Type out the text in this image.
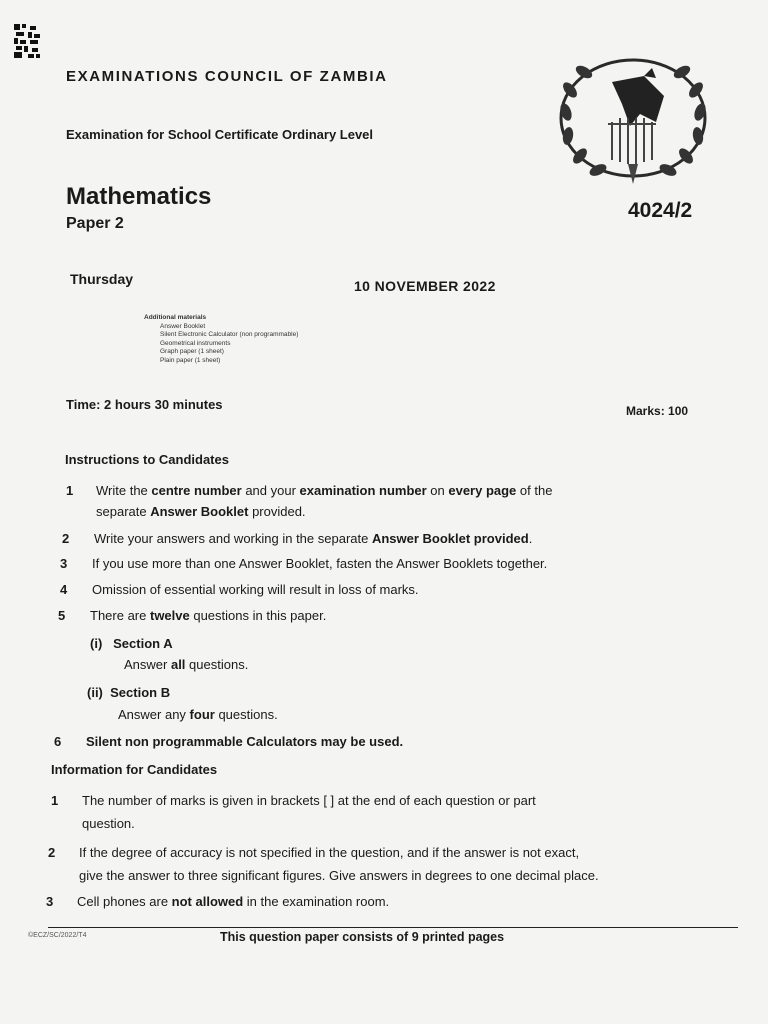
EXAMINATIONS COUNCIL OF ZAMBIA
Examination for School Certificate Ordinary Level
Mathematics
Paper 2
4024/2
Thursday	10 NOVEMBER 2022
Additional materials
Answer Booklet
Silent Electronic Calculator (non programmable)
Geometrical instruments
Graph paper (1 sheet)
Plain paper (1 sheet)
Time: 2 hours 30 minutes	Marks: 100
Instructions to Candidates
1 Write the centre number and your examination number on every page of the
separate Answer Booklet provided.
2 Write your answers and working in the separate Answer Booklet provided.
3 If you use more than one Answer Booklet, fasten the Answer Booklets together.
4 Omission of essential working will result in loss of marks.
5 There are twelve questions in this paper.
(i) Section A
Answer all questions.
(ii) Section B
Answer any four questions.
6 Silent non programmable Calculators may be used.
Information for Candidates
1 The number of marks is given in brackets [ ] at the end of each question or part
question.
2 If the degree of accuracy is not specified in the question, and if the answer is not exact,
give the answer to three significant figures. Give answers in degrees to one decimal place.
3 Cell phones are not allowed in the examination room.
©ECZ/SC/2022/T4	This question paper consists of 9 printed pages
